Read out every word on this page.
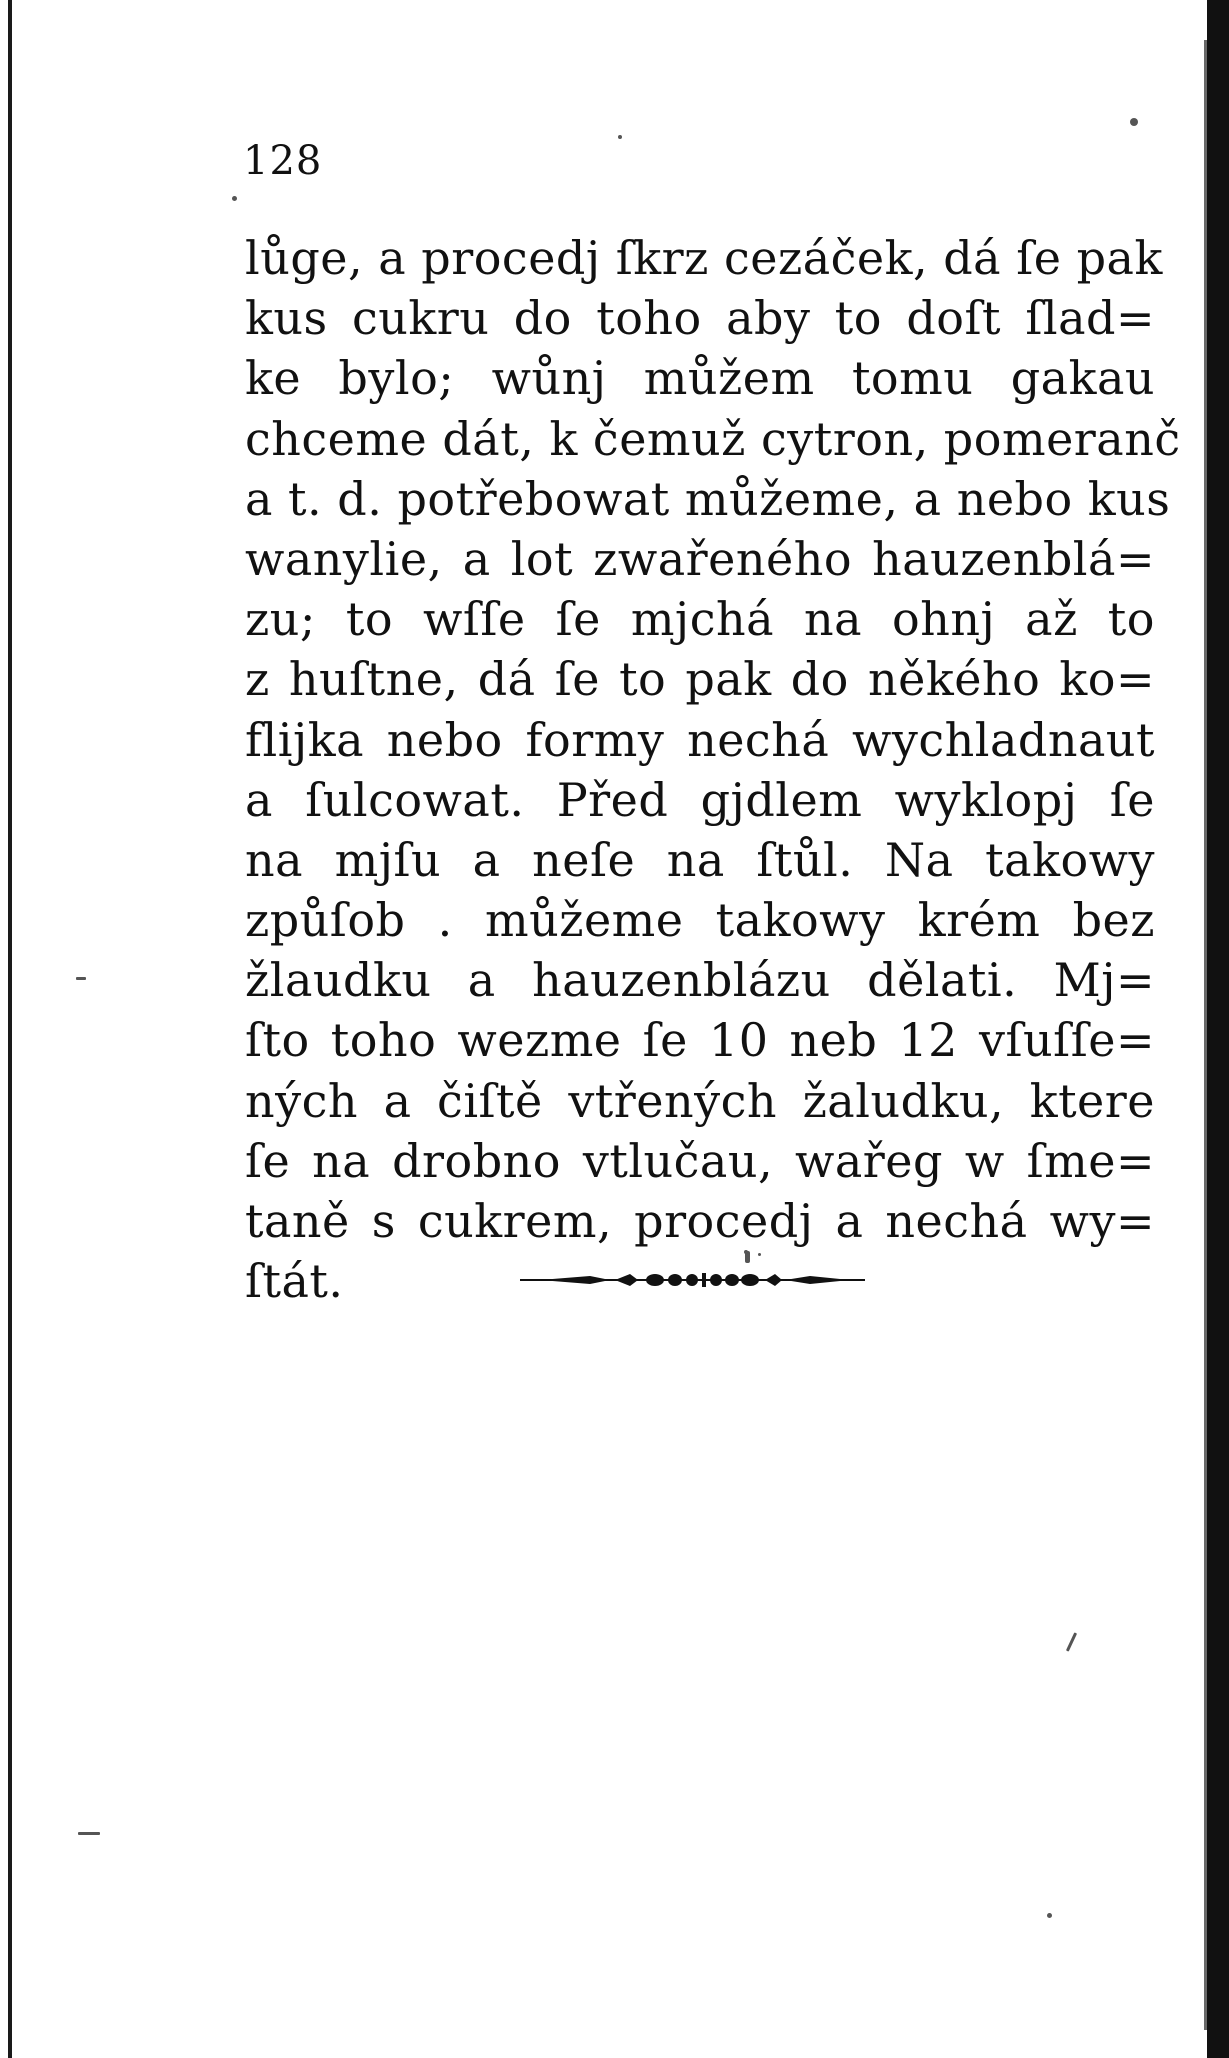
128
lůge, a procedj ſkrz cezáček, dá ſe pak
kus cukru do toho aby to doſt ſlad=
ke bylo; wůnj můžem tomu gakau
chceme dát, k čemuž cytron, pomeranč
a t. d. potřebowat můžeme, a nebo kus
wanylie, a lot zwařeného hauzenblá=
zu; to wſſe ſe mjchá na ohnj až to
z huſtne, dá ſe to pak do někého ko=
flijka nebo formy nechá wychladnaut
a ſulcowat. Před gjdlem wyklopj ſe
na mjſu a neſe na ſtůl. Na takowy
způſob . můžeme takowy krém bez
žlaudku a hauzenblázu dělati. Mj=
ſto toho wezme ſe 10 neb 12 vſuſſe=
ných a čiſtě vtřených žaludku, ktere
ſe na drobno vtlučau, wařeg w ſme=
taně s cukrem, procedj a nechá wy=
ſtát.
